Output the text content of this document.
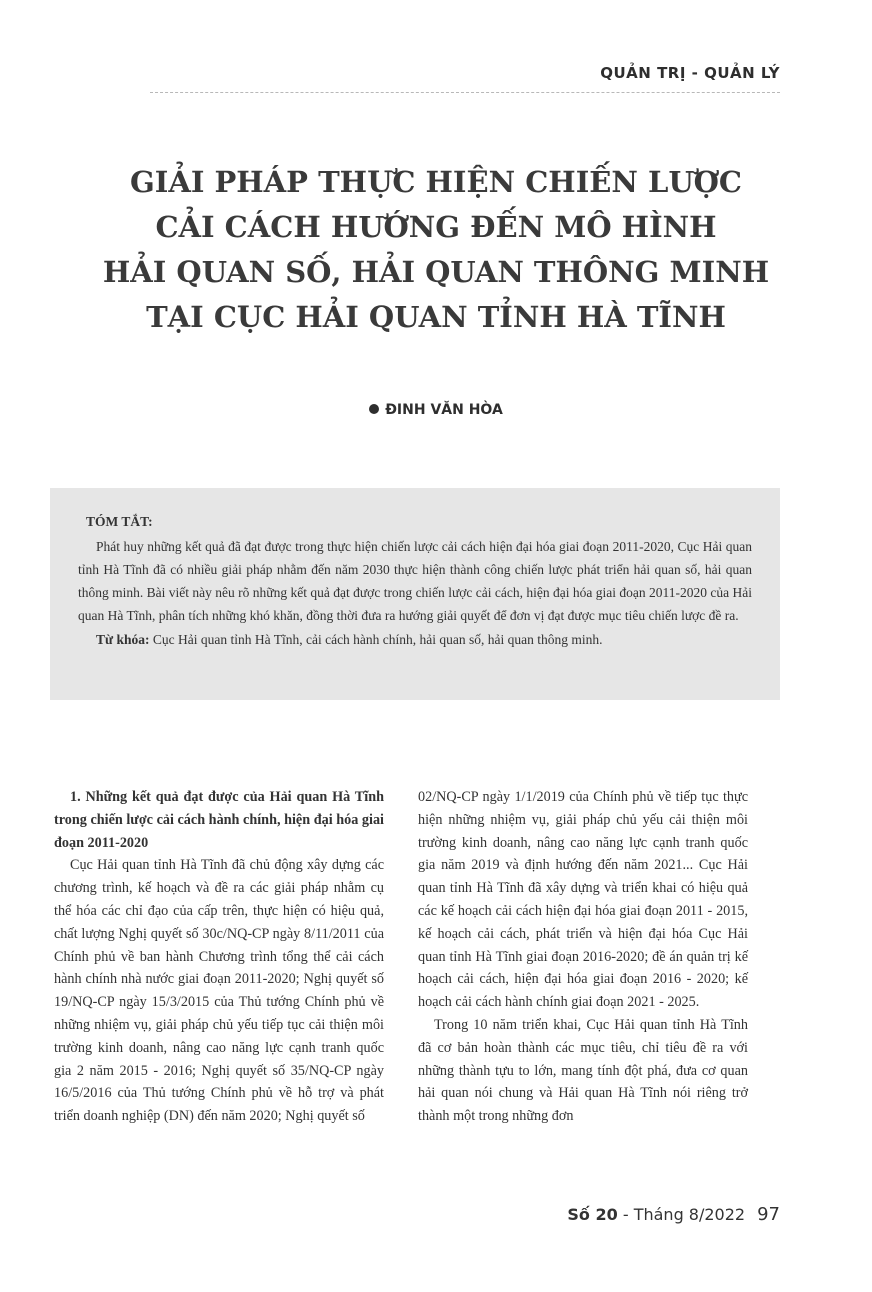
QUẢN TRỊ - QUẢN LÝ
GIẢI PHÁP THỰC HIỆN CHIẾN LƯỢC
CẢI CÁCH HƯỚNG ĐẾN MÔ HÌNH
HẢI QUAN SỐ, HẢI QUAN THÔNG MINH
TẠI CỤC HẢI QUAN TỈNH HÀ TĨNH
ĐINH VĂN HÒA
TÓM TẮT:
Phát huy những kết quả đã đạt được trong thực hiện chiến lược cải cách hiện đại hóa giai đoạn 2011-2020, Cục Hải quan tỉnh Hà Tĩnh đã có nhiều giải pháp nhằm đến năm 2030 thực hiện thành công chiến lược phát triển hải quan số, hải quan thông minh. Bài viết này nêu rõ những kết quả đạt được trong chiến lược cải cách, hiện đại hóa giai đoạn 2011-2020 của Hải quan Hà Tĩnh, phân tích những khó khăn, đồng thời đưa ra hướng giải quyết để đơn vị đạt được mục tiêu chiến lược đề ra.
Từ khóa: Cục Hải quan tỉnh Hà Tĩnh, cải cách hành chính, hải quan số, hải quan thông minh.
1. Những kết quả đạt được của Hải quan Hà Tĩnh trong chiến lược cải cách hành chính, hiện đại hóa giai đoạn 2011-2020

Cục Hải quan tỉnh Hà Tĩnh đã chủ động xây dựng các chương trình, kế hoạch và đề ra các giải pháp nhằm cụ thể hóa các chỉ đạo của cấp trên, thực hiện có hiệu quả, chất lượng Nghị quyết số 30c/NQ-CP ngày 8/11/2011 của Chính phủ về ban hành Chương trình tổng thể cải cách hành chính nhà nước giai đoạn 2011-2020; Nghị quyết số 19/NQ-CP ngày 15/3/2015 của Thủ tướng Chính phủ về những nhiệm vụ, giải pháp chủ yếu tiếp tục cải thiện môi trường kinh doanh, nâng cao năng lực cạnh tranh quốc gia 2 năm 2015 - 2016; Nghị quyết số 35/NQ-CP ngày 16/5/2016 của Thủ tướng Chính phủ về hỗ trợ và phát triển doanh nghiệp (DN) đến năm 2020; Nghị quyết số

02/NQ-CP ngày 1/1/2019 của Chính phủ về tiếp tục thực hiện những nhiệm vụ, giải pháp chủ yếu cải thiện môi trường kinh doanh, nâng cao năng lực cạnh tranh quốc gia năm 2019 và định hướng đến năm 2021... Cục Hải quan tỉnh Hà Tĩnh đã xây dựng và triển khai có hiệu quả các kế hoạch cải cách hiện đại hóa giai đoạn 2011 - 2015, kế hoạch cải cách, phát triển và hiện đại hóa Cục Hải quan tỉnh Hà Tĩnh giai đoạn 2016-2020; đề án quản trị kế hoạch cải cách, hiện đại hóa giai đoạn 2016 - 2020; kế hoạch cải cách hành chính giai đoạn 2021 - 2025.

Trong 10 năm triển khai, Cục Hải quan tỉnh Hà Tĩnh đã cơ bản hoàn thành các mục tiêu, chỉ tiêu đề ra với những thành tựu to lớn, mang tính đột phá, đưa cơ quan hải quan nói chung và Hải quan Hà Tĩnh nói riêng trở thành một trong những đơn

Số 20 - Tháng 8/2022 97
